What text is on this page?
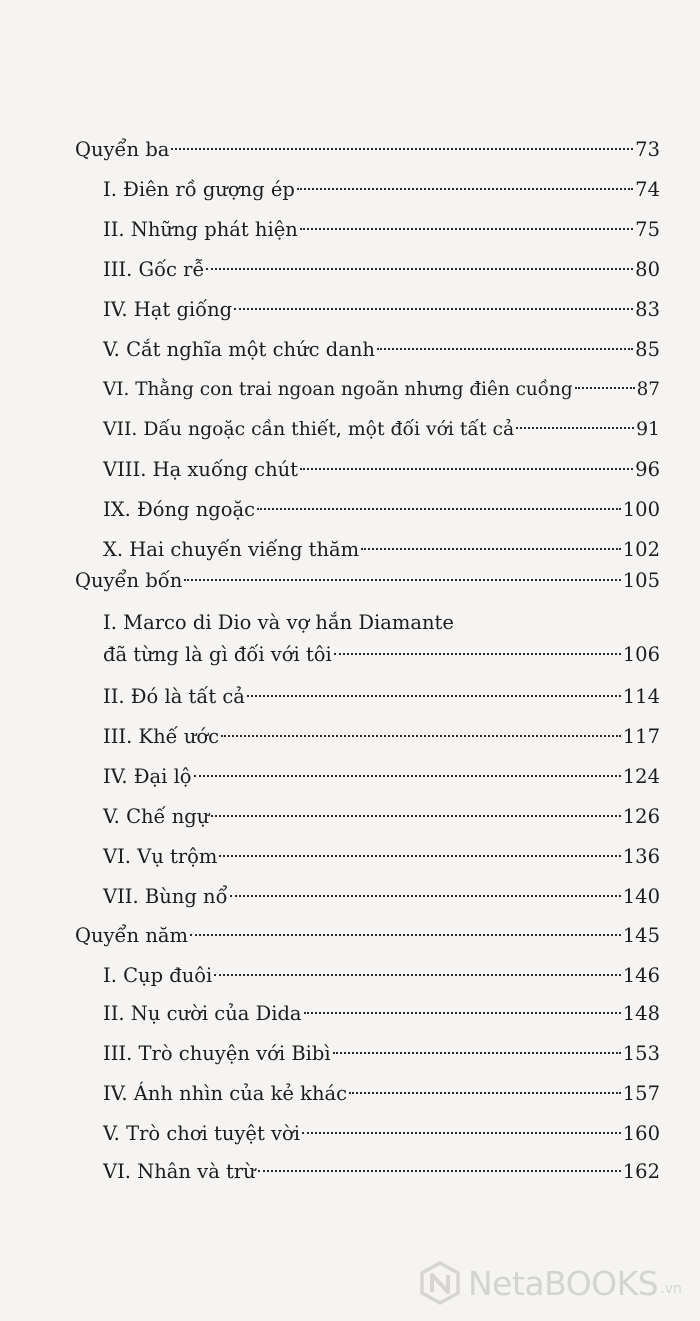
Quyển ba	73
I. Điên rồ gượng ép	74
II. Những phát hiện	75
III. Gốc rễ	80
IV. Hạt giống	83
V. Cắt nghĩa một chức danh	85
VI. Thằng con trai ngoan ngoãn nhưng điên cuồng	87
VII. Dấu ngoặc cần thiết, một đối với tất cả	91
VIII. Hạ xuống chút	96
IX. Đóng ngoặc	100
X. Hai chuyến viếng thăm	102
Quyển bốn	105
I. Marco di Dio và vợ hắn Diamante
đã từng là gì đối với tôi	106
II. Đó là tất cả	114
III. Khế ước	117
IV. Đại lộ	124
V. Chế ngự	126
VI. Vụ trộm	136
VII. Bùng nổ	140
Quyển năm	145
I. Cụp đuôi	146
II. Nụ cười của Dida	148
III. Trò chuyện với Bibì	153
IV. Ánh nhìn của kẻ khác	157
V. Trò chơi tuyệt vời	160
VI. Nhân và trừ	162
NetaBOOKS .vn
